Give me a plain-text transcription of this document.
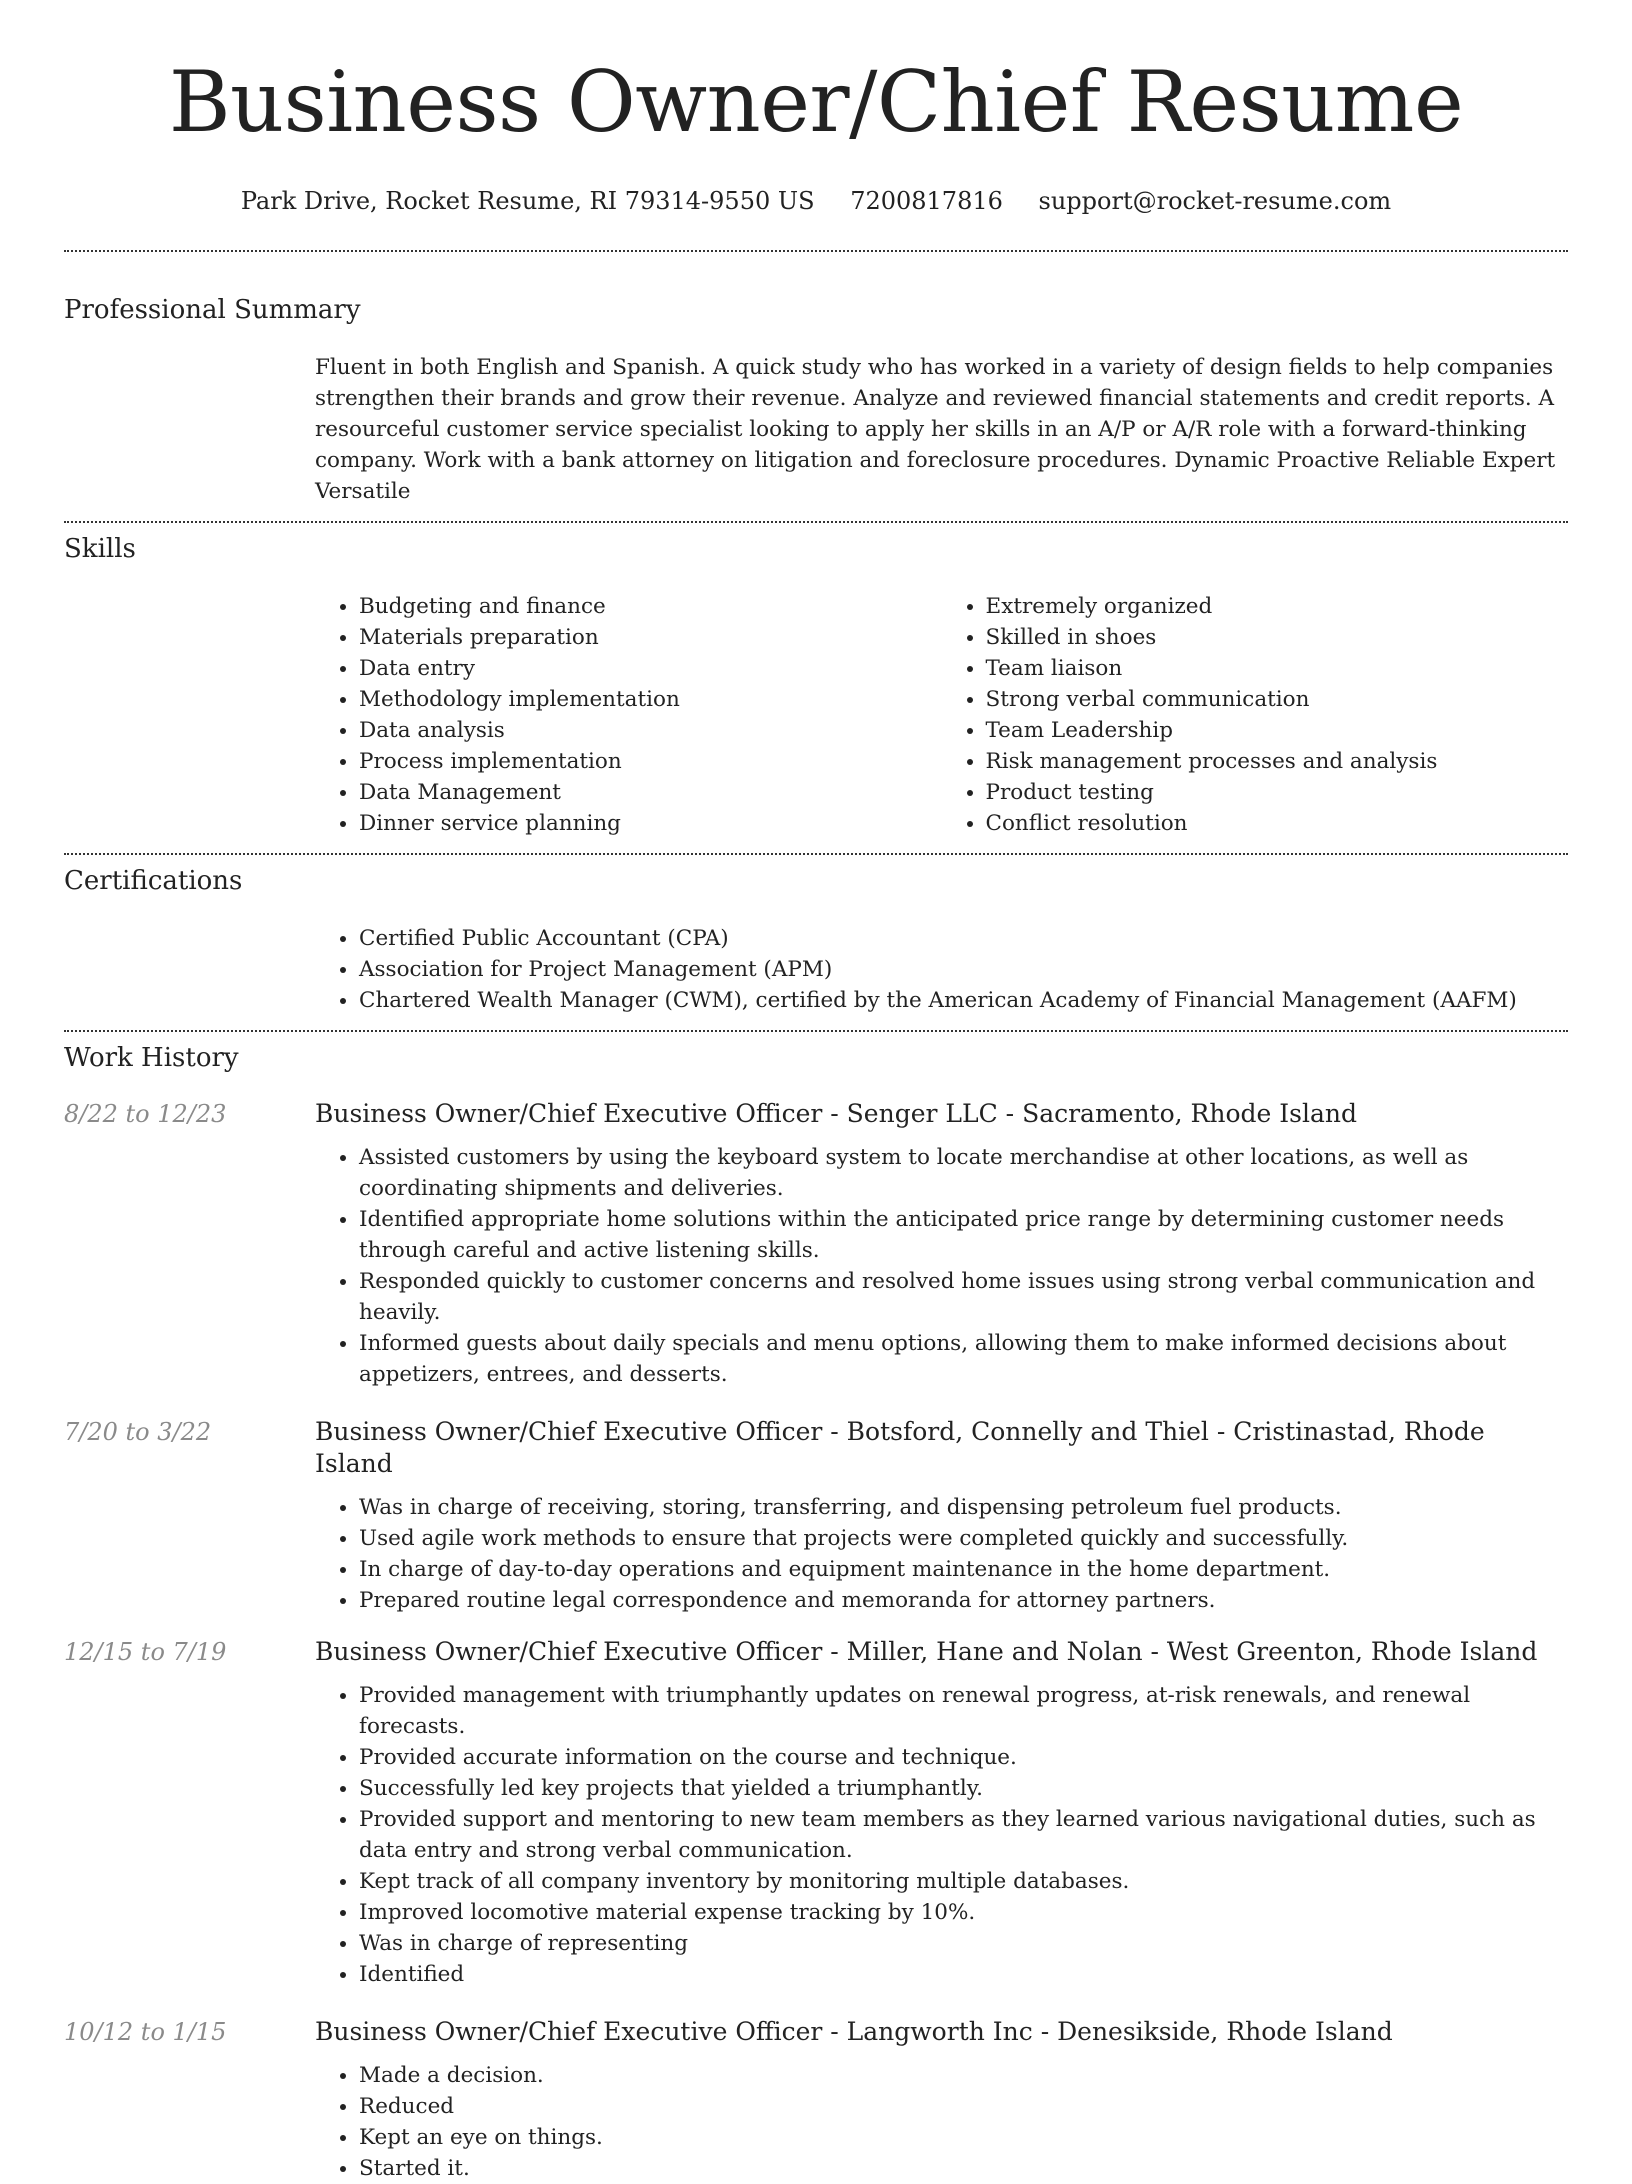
Business Owner/Chief Resume
Park Drive, Rocket Resume, RI 79314-9550 US 7200817816 support@rocket-resume.com
Professional Summary
Fluent in both English and Spanish. A quick study who has worked in a variety of design fields to help companies strengthen their brands and grow their revenue. Analyze and reviewed financial statements and credit reports. A resourceful customer service specialist looking to apply her skills in an A/P or A/R role with a forward-thinking company. Work with a bank attorney on litigation and foreclosure procedures. Dynamic Proactive Reliable Expert Versatile
Skills
• Budgeting and finance
• Materials preparation
• Data entry
• Methodology implementation
• Data analysis
• Process implementation
• Data Management
• Dinner service planning
• Extremely organized
• Skilled in shoes
• Team liaison
• Strong verbal communication
• Team Leadership
• Risk management processes and analysis
• Product testing
• Conflict resolution
Certifications
• Certified Public Accountant (CPA)
• Association for Project Management (APM)
• Chartered Wealth Manager (CWM), certified by the American Academy of Financial Management (AAFM)
Work History
8/22 to 12/23	Business Owner/Chief Executive Officer - Senger LLC - Sacramento, Rhode Island
• Assisted customers by using the keyboard system to locate merchandise at other locations, as well as coordinating shipments and deliveries.
• Identified appropriate home solutions within the anticipated price range by determining customer needs through careful and active listening skills.
• Responded quickly to customer concerns and resolved home issues using strong verbal communication and heavily.
• Informed guests about daily specials and menu options, allowing them to make informed decisions about appetizers, entrees, and desserts.
7/20 to 3/22	Business Owner/Chief Executive Officer - Botsford, Connelly and Thiel - Cristinastad, Rhode Island
• Was in charge of receiving, storing, transferring, and dispensing petroleum fuel products.
• Used agile work methods to ensure that projects were completed quickly and successfully.
• In charge of day-to-day operations and equipment maintenance in the home department.
• Prepared routine legal correspondence and memoranda for attorney partners.
12/15 to 7/19	Business Owner/Chief Executive Officer - Miller, Hane and Nolan - West Greenton, Rhode Island
• Provided management with triumphantly updates on renewal progress, at-risk renewals, and renewal forecasts.
• Provided accurate information on the course and technique.
• Successfully led key projects that yielded a triumphantly.
• Provided support and mentoring to new team members as they learned various navigational duties, such as data entry and strong verbal communication.
• Kept track of all company inventory by monitoring multiple databases.
• Improved locomotive material expense tracking by 10%.
• Was in charge of representing
• Identified
10/12 to 1/15	Business Owner/Chief Executive Officer - Langworth Inc - Denesikside, Rhode Island
• Made a decision.
• Reduced
• Kept an eye on things.
• Started it.
